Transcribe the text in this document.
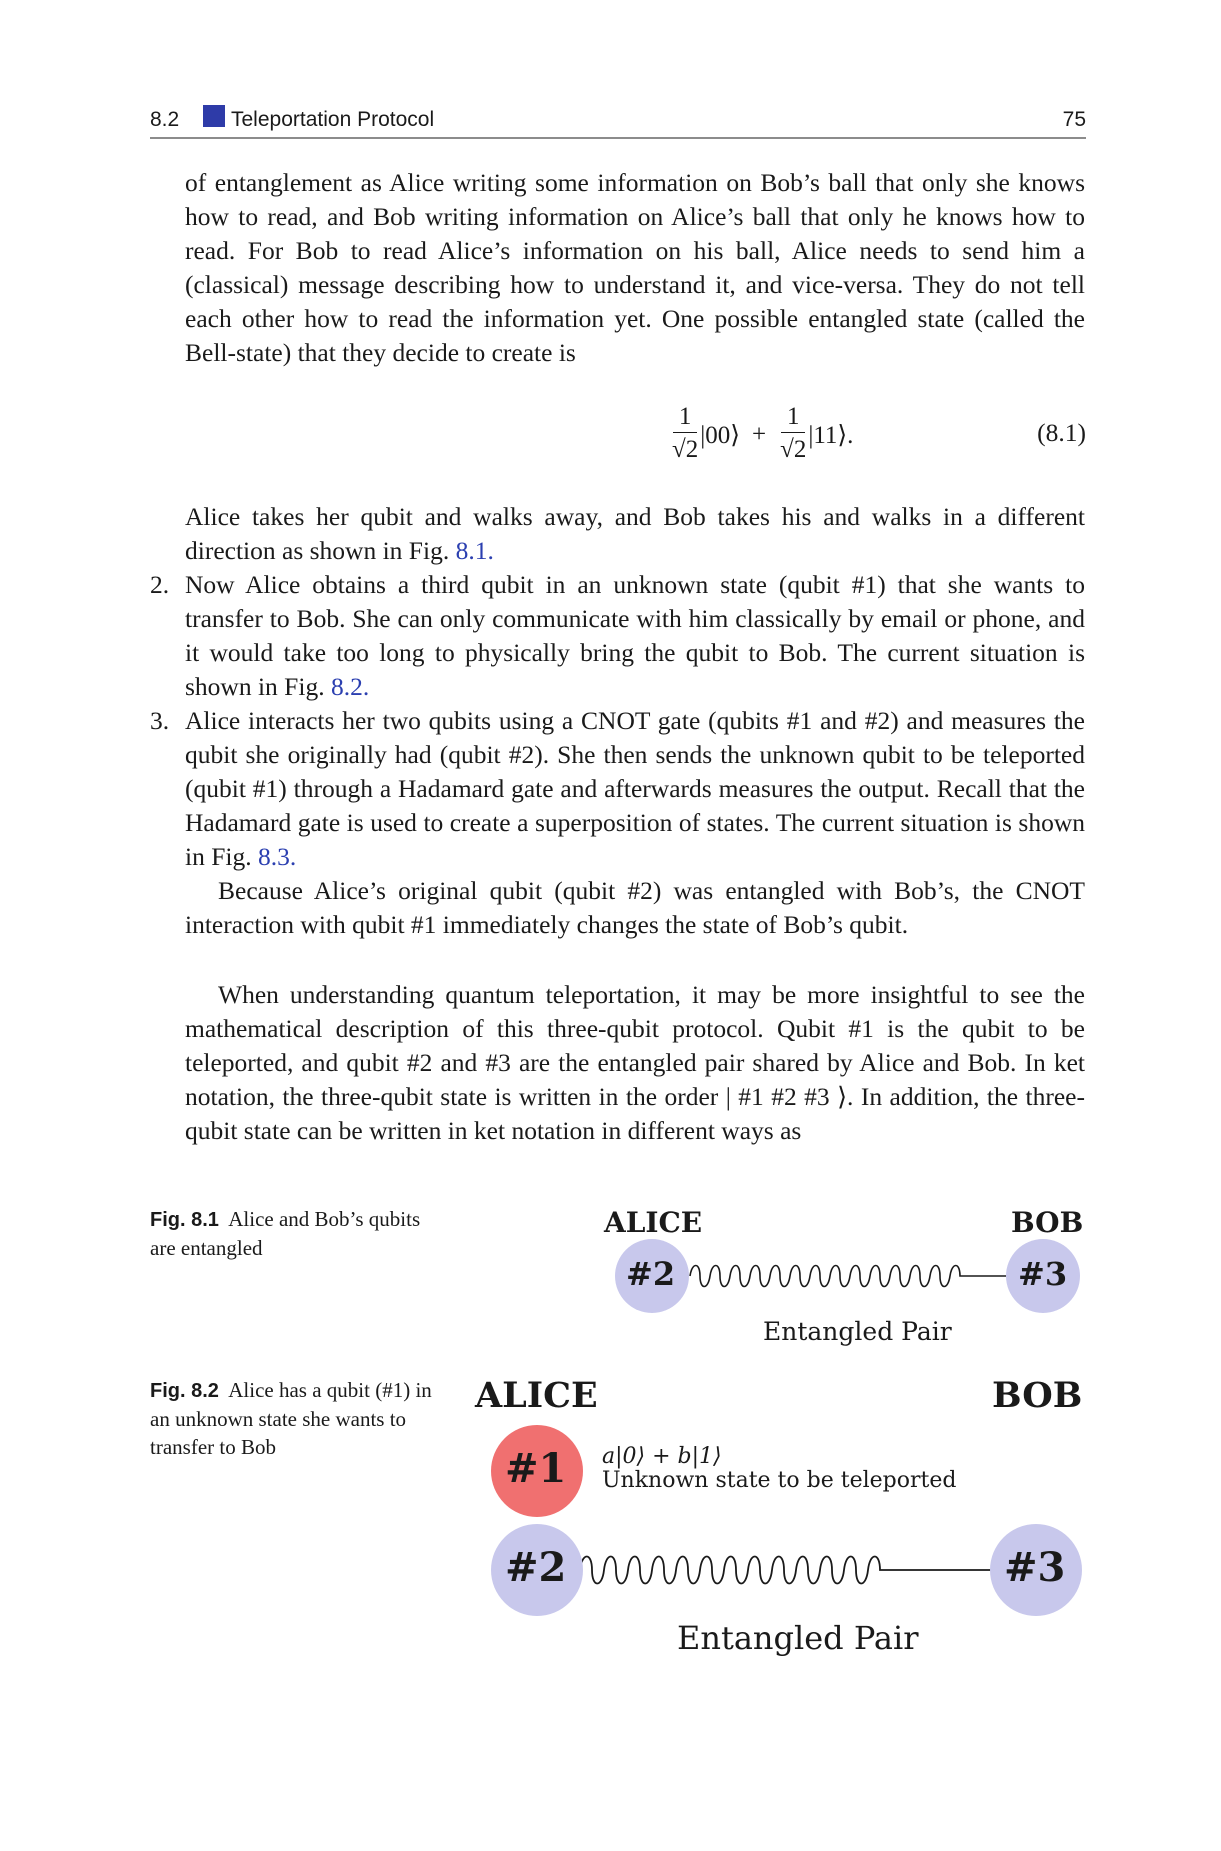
8.2 Teleportation Protocol	75

of entanglement as Alice writing some information on Bob’s ball that only she knows how to read, and Bob writing information on Alice’s ball that only he knows how to read. For Bob to read Alice’s information on his ball, Alice needs to send him a (classical) message describing how to understand it, and vice-versa. They do not tell each other how to read the information yet. One possible entangled state (called the Bell-state) that they decide to create is

$\frac{1}{√2}$ |00⟩ + $\frac{1}{√2}$ |11⟩.	(8.1)

Alice takes her qubit and walks away, and Bob takes his and walks in a different direction as shown in Fig. 8.1.

2. Now Alice obtains a third qubit in an unknown state (qubit #1) that she wants to transfer to Bob. She can only communicate with him classically by email or phone, and it would take too long to physically bring the qubit to Bob. The current situation is shown in Fig. 8.2.

3. Alice interacts her two qubits using a CNOT gate (qubits #1 and #2) and measures the qubit she originally had (qubit #2). She then sends the unknown qubit to be teleported (qubit #1) through a Hadamard gate and afterwards measures the output. Recall that the Hadamard gate is used to create a superposition of states. The current situation is shown in Fig. 8.3.

Because Alice’s original qubit (qubit #2) was entangled with Bob’s, the CNOT interaction with qubit #1 immediately changes the state of Bob’s qubit.

When understanding quantum teleportation, it may be more insightful to see the mathematical description of this three-qubit protocol. Qubit #1 is the qubit to be teleported, and qubit #2 and #3 are the entangled pair shared by Alice and Bob. In ket notation, the three-qubit state is written in the order | #1 #2 #3 ⟩. In addition, the three-qubit state can be written in ket notation in different ways as

Fig. 8.1 Alice and Bob’s qubits are entangled
ALICE	BOB
#2	#3
Entangled Pair
Fig. 8.2 Alice has a qubit (#1) in an unknown state she wants to transfer to Bob
ALICE	BOB
#1 a|0⟩ + b|1⟩
Unknown state to be teleported
#2	#3
Entangled Pair
